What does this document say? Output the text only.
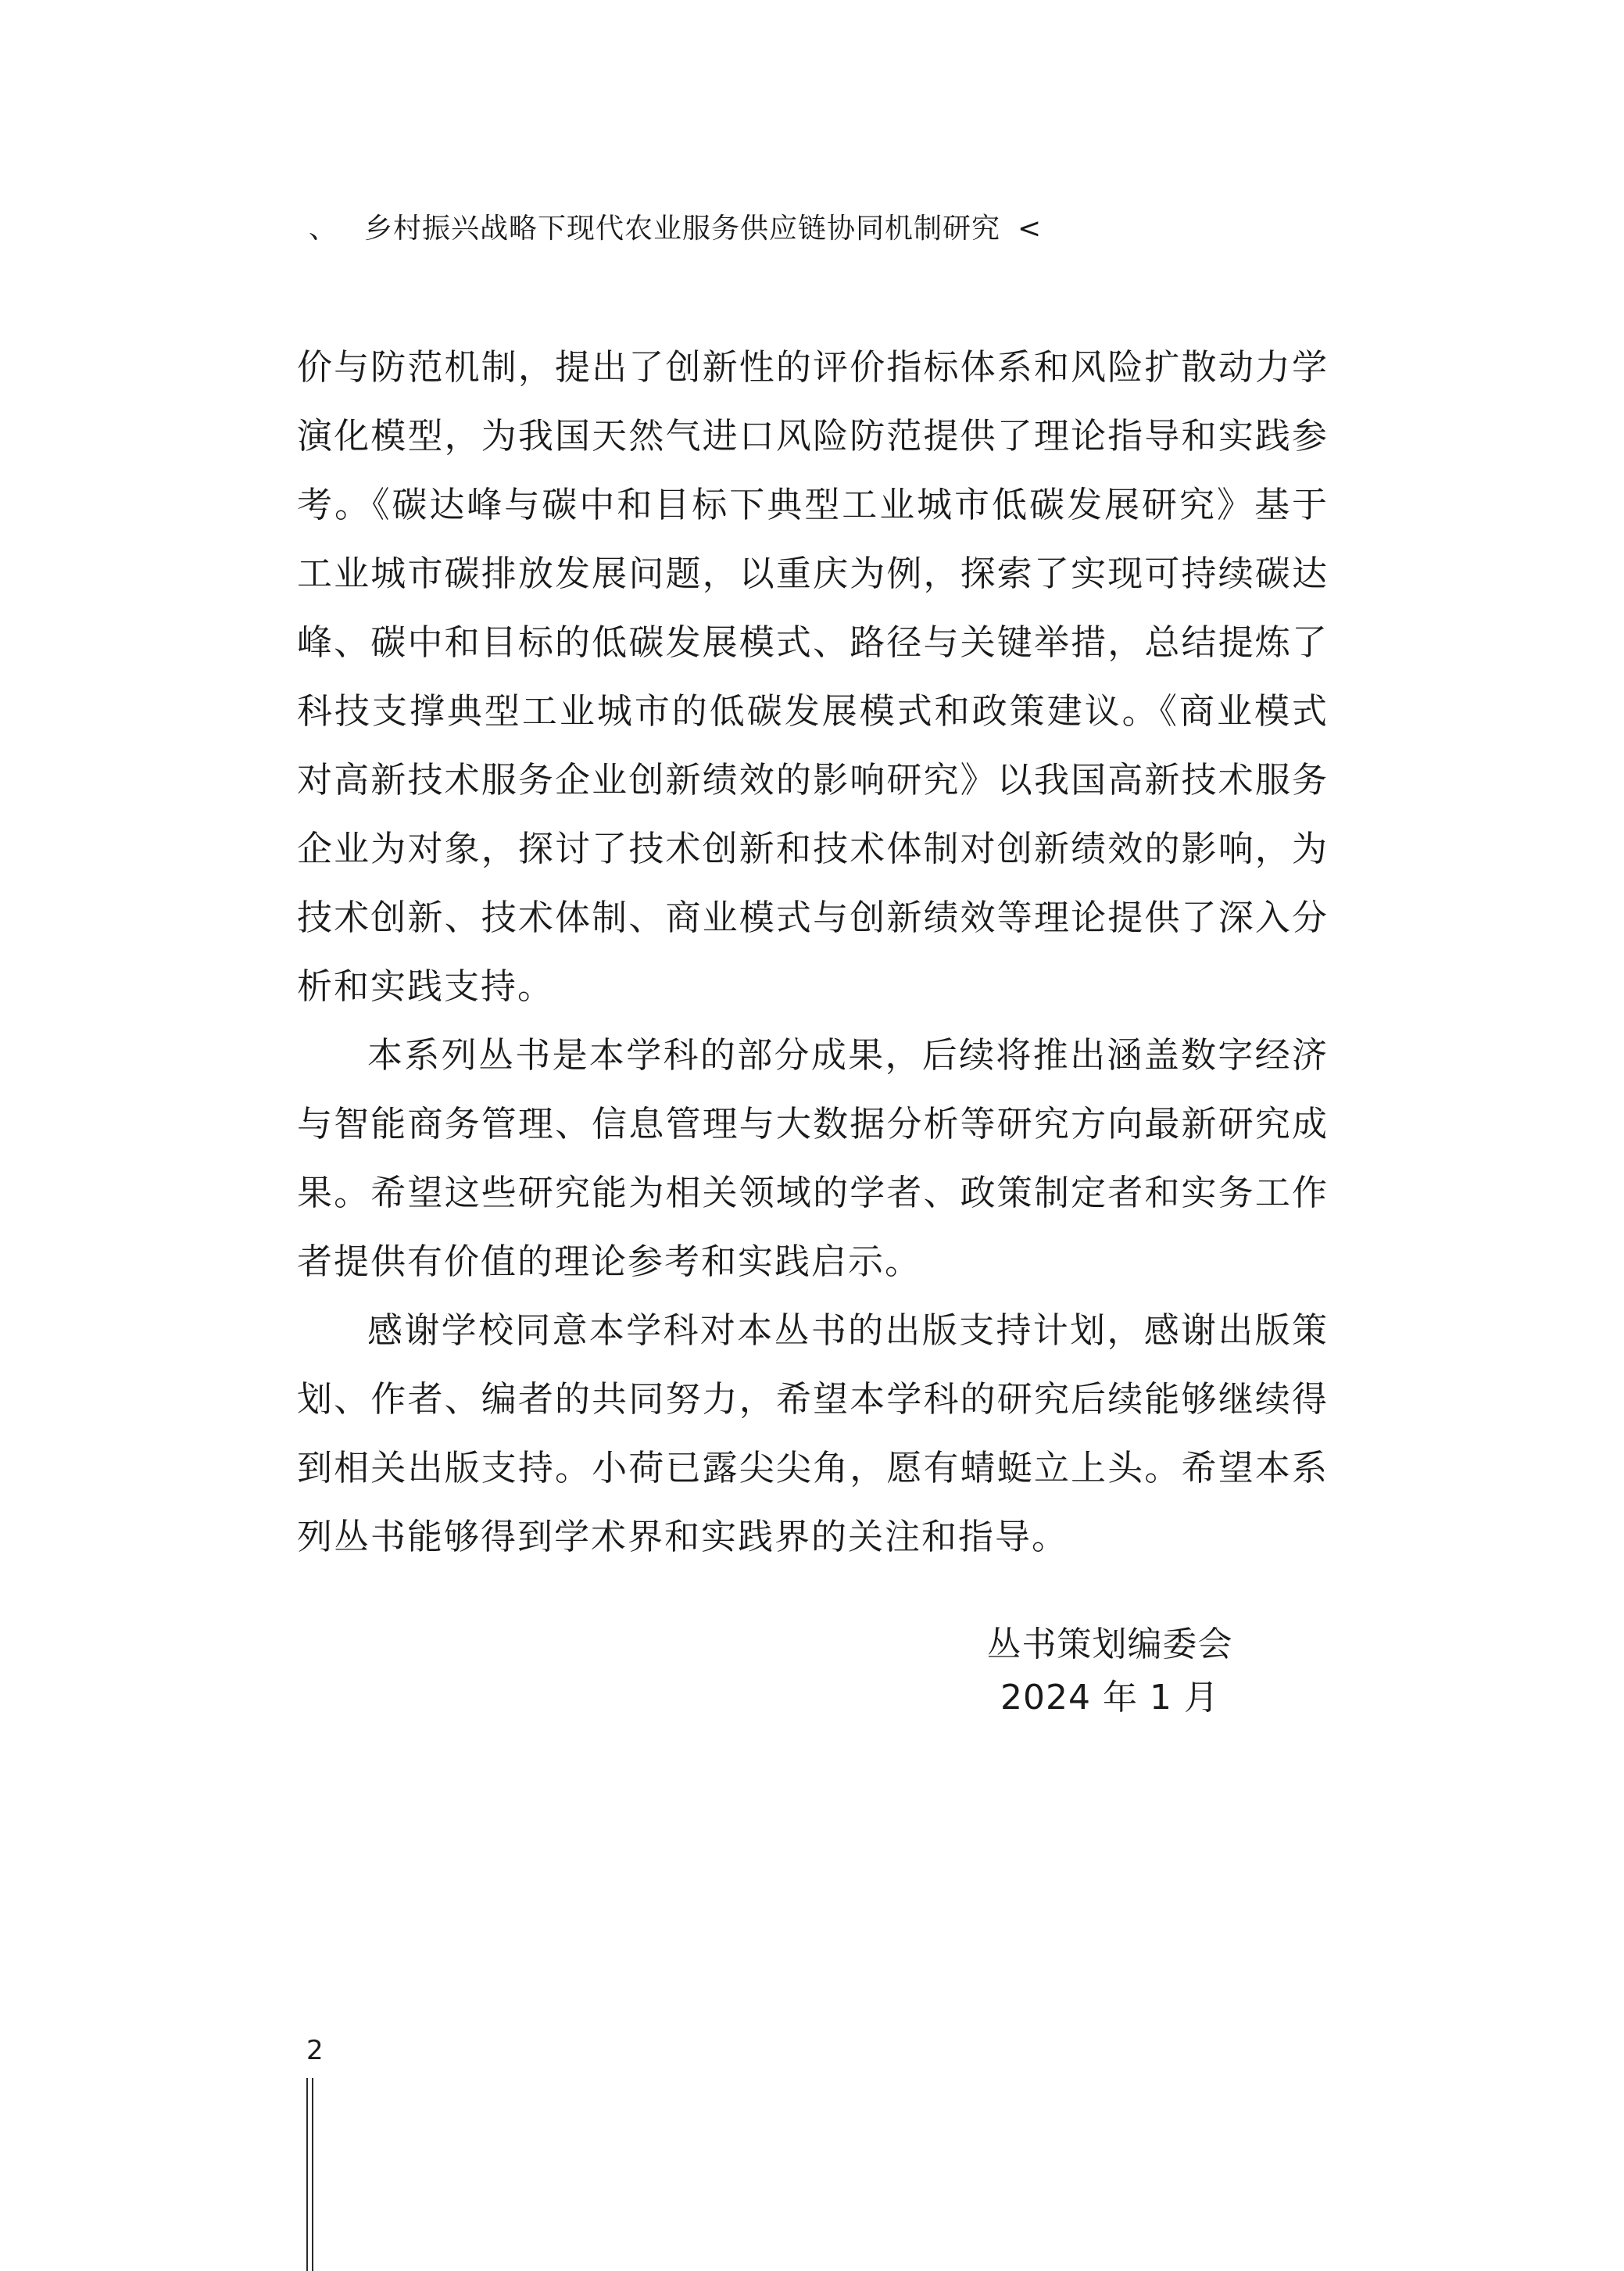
、 乡村振兴战略下现代农业服务供应链协同机制研究 <

价与防范机制，提出了创新性的评价指标体系和风险扩散动力学演化模型，为我国天然气进口风险防范提供了理论指导和实践参考。《碳达峰与碳中和目标下典型工业城市低碳发展研究》基于工业城市碳排放发展问题，以重庆为例，探索了实现可持续碳达峰、碳中和目标的低碳发展模式、路径与关键举措，总结提炼了科技支撑典型工业城市的低碳发展模式和政策建议。《商业模式对高新技术服务企业创新绩效的影响研究》以我国高新技术服务企业为对象，探讨了技术创新和技术体制对创新绩效的影响，为技术创新、技术体制、商业模式与创新绩效等理论提供了深入分析和实践支持。

本系列丛书是本学科的部分成果，后续将推出涵盖数字经济与智能商务管理、信息管理与大数据分析等研究方向最新研究成果。希望这些研究能为相关领域的学者、政策制定者和实务工作者提供有价值的理论参考和实践启示。

感谢学校同意本学科对本丛书的出版支持计划，感谢出版策划、作者、编者的共同努力，希望本学科的研究后续能够继续得到相关出版支持。小荷已露尖尖角，愿有蜻蜓立上头。希望本系列丛书能够得到学术界和实践界的关注和指导。

丛书策划编委会
2024 年 1 月
2
